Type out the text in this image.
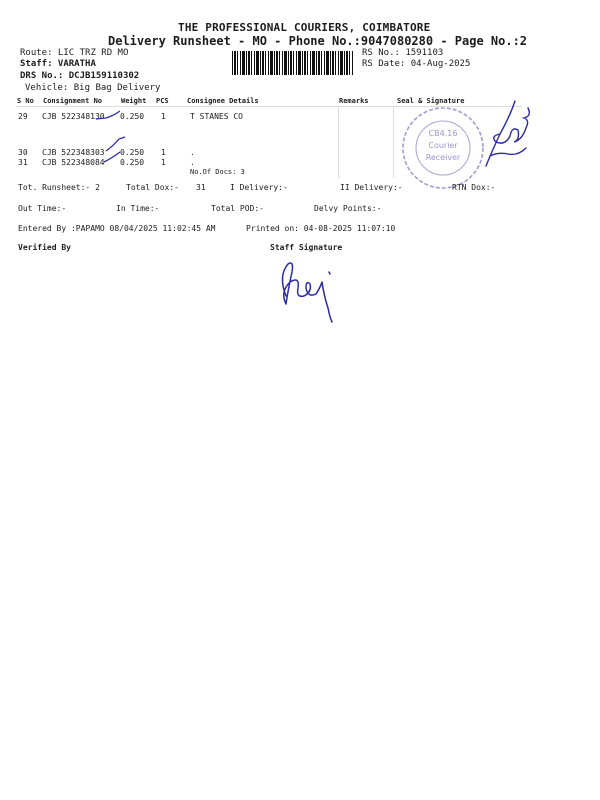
THE PROFESSIONAL COURIERS, COIMBATORE
Delivery Runsheet - MO - Phone No.:9047080280 - Page No.:2
Route: LIC TRZ RD MO
Staff: VARATHA
DRS No.: DCJB159110302
Vehicle: Big Bag Delivery
RS No.: 1591103
RS Date: 04-Aug-2025
S No Consignment No	Weight PCS	Consignee Details	Remarks	Seal & Signature
29 CJB 522348130 0.250 1	T STANES CO
30 CJB 522348303 0.250 1	.
31 CJB 522348084 0.250 1	.
No.Of Docs: 3
CB4.16
Courier
Receiver
Tot. Runsheet:- 2	Total Dox:- 31	I Delivery:-	II Delivery:-	RTN Dox:-
Out Time:-	In Time:-	Total POD:-	Delvy Points:-
Entered By :PAPAMO 08/04/2025 11:02:45 AM	Printed on: 04-08-2025 11:07:10
Verified By	Staff Signature
